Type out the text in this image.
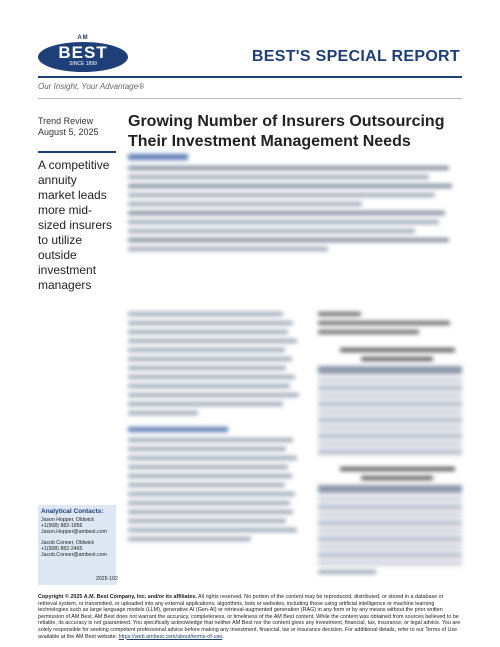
AM
BEST
SINCE 1899	BEST'S SPECIAL REPORT
Our Insight, Your Advantage®
Trend Review
August 5, 2025
Growing Number of Insurers Outsourcing Their Investment Management Needs
A competitive annuity market leads more mid-sized insurers to utilize outside investment managers
Analytical Contacts:
Jason Hopper, Oldwick
+1(908) 882-1856
Jason.Hopper@ambest.com
Jacob Conner, Oldwick
+1(908) 882-2465
Jacob.Conner@ambest.com
2025-102
Copyright © 2025 A.M. Best Company, Inc. and/or its affiliates. All rights reserved. No portion of the content may be reproduced, distributed, or stored in a database or retrieval system, or transmitted, or uploaded into any external applications, algorithms, bots or websites, including those using artificial intelligence or machine learning technologies such as large language models (LLM), generative AI (Gen-AI) or retrieval-augmented generation (RAG) in any form or by any means without the prior written permission of AM Best. AM Best does not warrant the accuracy, completeness, or timeliness of the AM Best content. While the content was obtained from sources believed to be reliable, its accuracy is not guaranteed. You specifically acknowledge that neither AM Best nor the content gives any investment, financial, tax, insurance, or legal advice. You are solely responsible for seeking competent professional advice before making any investment, financial, tax or insurance decision. For additional details, refer to our Terms of Use available at the AM Best website: https://web.ambest.com/about/terms-of-use.
